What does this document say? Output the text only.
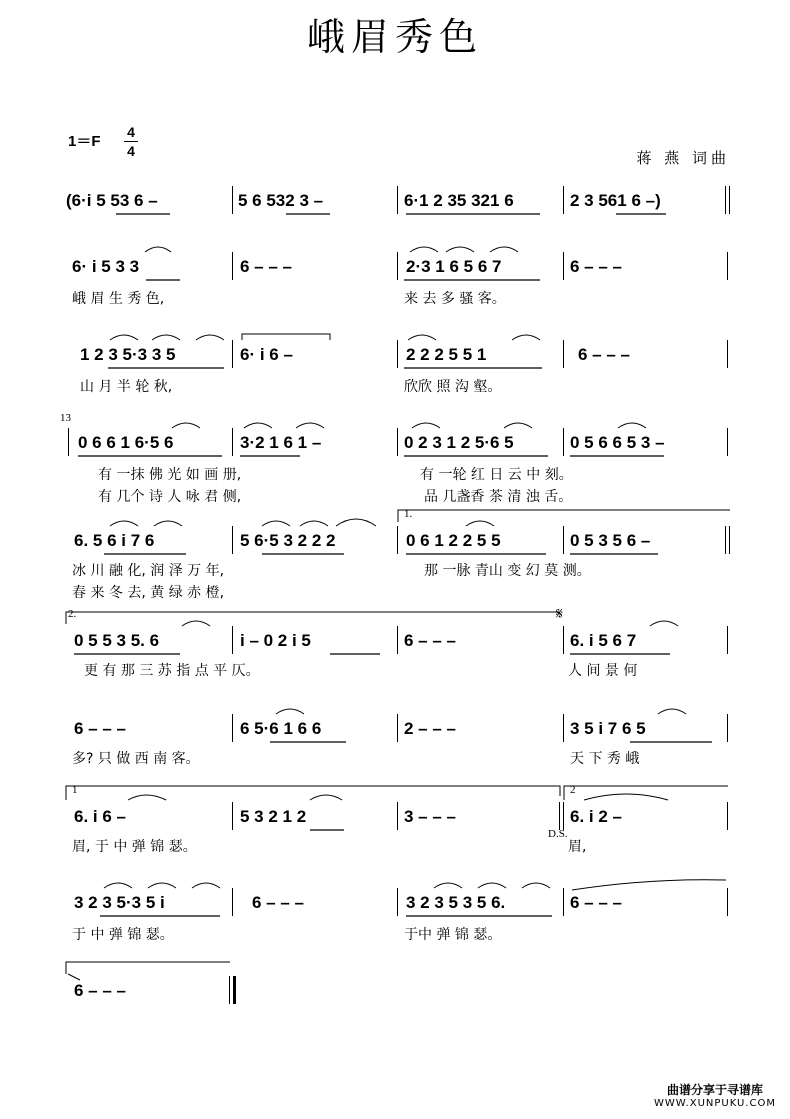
峨眉秀色
1＝F
4
4	蒋 燕 词曲
(6·i 5 53 6 –	5 6 532 3 –	6·1 2 35 321 6	2 3 561 6 –)
6· i 5 3 3	6 – – –	2·3 1 6 5 6 7	6 – – –
峨 眉 生 秀 色,	来 去 多 骚 客。
1 2 3 5·3 3 5	6· i 6 –	2 2 2 5 5 1	6 – – –
山 月 半 轮 秋,	欣欣 照 沟 壑。
13
0 6 6 1 6·5 6	3·2 1 6 1 –	0 2 3 1 2 5·6 5	0 5 6 6 5 3 –
有 一抹 佛 光 如 画 册,	有 一轮 红 日 云 中 刻。
有 几个 诗 人 咏 君 侧,	品 几盏香 茶 清 浊 舌。
1.
6. 5 6 i 7 6	5 6·5 3 2 2 2	0 6 1 2 2 5 5	0 5 3 5 6 –
冰 川 融 化, 润 泽 万 年,	那 一脉 青山 变 幻 莫 测。
春 来 冬 去, 黄 绿 赤 橙,
2.	𝄋
0 5 5 3 5. 6	i – 0 2 i 5	6 – – –	6. i 5 6 7
更 有 那 三 苏 指 点 平 仄。	人 间 景 何
6 – – –	6 5·6 1 6 6	2 – – –	3 5 i 7 6 5
多? 只 做 西 南 客。	天 下 秀 峨
1	2
6. i 6 –	5 3 2 1 2	3 – – –	6. i 2 –
眉, 于 中 弹 锦 瑟。
D.S.
眉,
3 2 3 5·3 5 i	6 – – –	3 2 3 5 3 5 6.	6 – – –
于 中 弹 锦 瑟。	于中 弹 锦 瑟。
6 – – –
曲谱分享于寻谱库
WWW.XUNPUKU.COM
